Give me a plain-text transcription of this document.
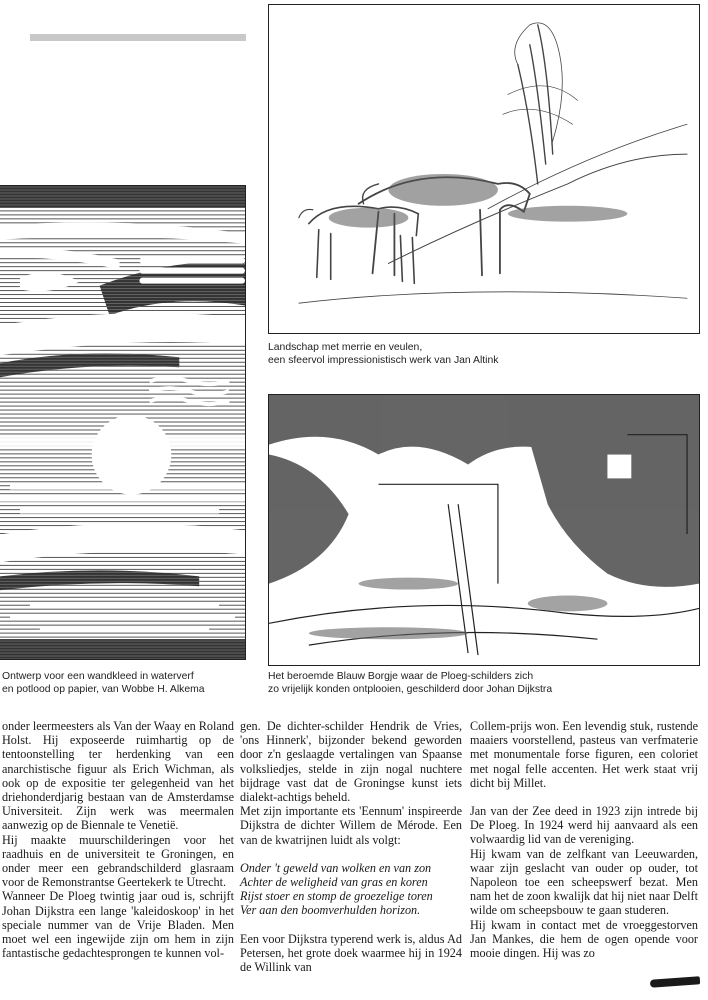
Ontwerp voor een wandkleed in waterverf
en potlood op papier, van Wobbe H. Alkema
Landschap met merrie en veulen,
een sfeervol impressionistisch werk van Jan Altink
Het beroemde Blauw Borgje waar de Ploeg-schilders zich
zo vrijelijk konden ontplooien, geschilderd door Johan Dijkstra

onder leermeesters als Van der Waay en Roland Holst. Hij exposeerde ruimhartig op de tentoonstelling ter herdenking van een anarchistische figuur als Erich Wichman, als ook op de expositie ter gelegenheid van het driehonderdjarig bestaan van de Amsterdamse Universiteit. Zijn werk was meermalen aanwezig op de Biennale te Venetië.

Hij maakte muurschilderingen voor het raadhuis en de universiteit te Groningen, en onder meer een gebrandschilderd glasraam voor de Remonstrantse Geertekerk te Utrecht.

Wanneer De Ploeg twintig jaar oud is, schrijft Johan Dijkstra een lange 'kaleidoskoop' in het speciale nummer van de Vrije Bladen. Men moet wel een ingewijde zijn om hem in zijn fantastische gedachtesprongen te kunnen vol-

gen. De dichter-schilder Hendrik de Vries, 'ons Hinnerk', bijzonder bekend geworden door z'n geslaagde vertalingen van Spaanse volksliedjes, stelde in zijn nogal nuchtere bijdrage vast dat de Groningse kunst iets dialekt-achtigs beheld.

Met zijn importante ets 'Eennum' inspireerde Dijkstra de dichter Willem de Mérode. Een van de kwatrijnen luidt als volgt:

Onder 't geweld van wolken en van zon
Achter de weligheid van gras en koren
Rijst stoer en stomp de groezelige toren
Ver aan den boomverhulden horizon.

Een voor Dijkstra typerend werk is, aldus Ad Petersen, het grote doek waarmee hij in 1924 de Willink van

Collem-prijs won. Een levendig stuk, rustende maaiers voorstellend, pasteus van verfmaterie met monumentale forse figuren, een coloriet met nogal felle accenten. Het werk staat vrij dicht bij Millet.

Jan van der Zee deed in 1923 zijn intrede bij De Ploeg. In 1924 werd hij aanvaard als een volwaardig lid van de vereniging.

Hij kwam van de zelfkant van Leeuwarden, waar zijn geslacht van ouder op ouder, tot Napoleon toe een scheepswerf bezat. Men nam het de zoon kwalijk dat hij niet naar Delft wilde om scheepsbouw te gaan studeren.

Hij kwam in contact met de vroeggestorven Jan Mankes, die hem de ogen opende voor mooie dingen. Hij was zo
